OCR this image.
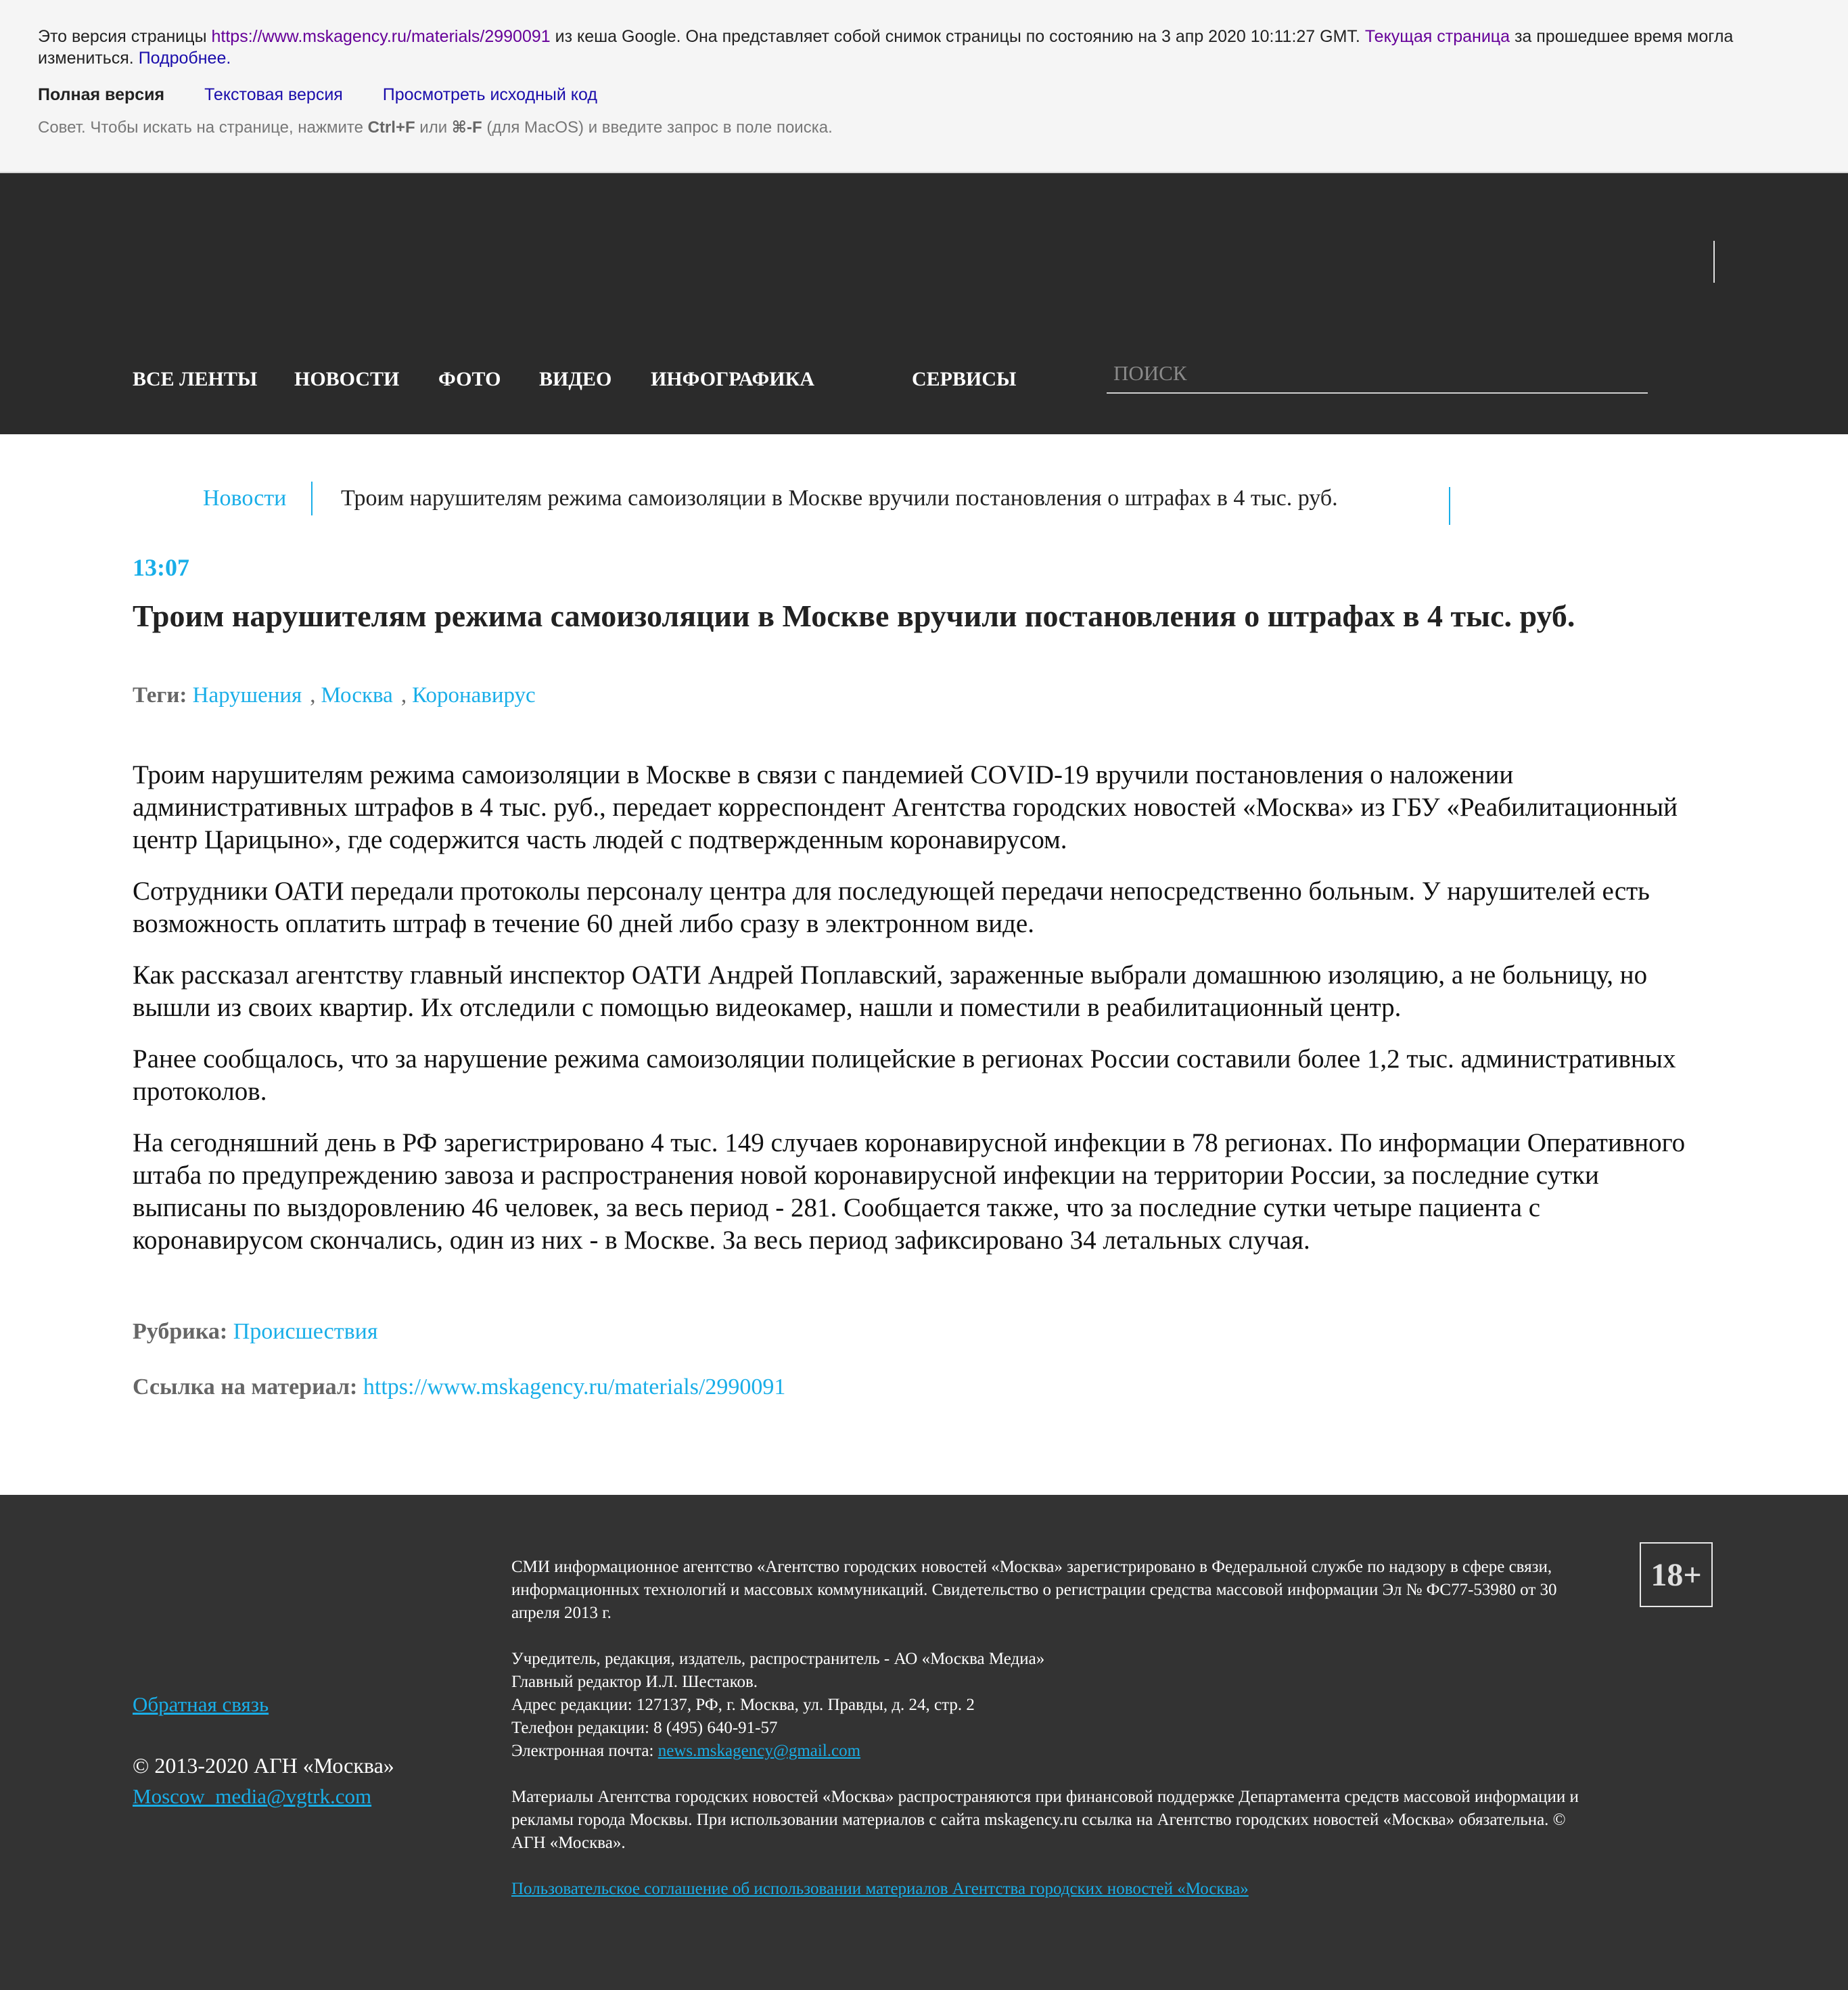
Это версия страницы https://www.mskagency.ru/materials/2990091 из кеша Google. Она представляет собой снимок страницы по состоянию на 3 апр 2020 10:11:27 GMT. Текущая страница за прошедшее время могла измениться. Подробнее.
Полная версия Текстовая версия Просмотреть исходный код
Совет. Чтобы искать на странице, нажмите Ctrl+F или ⌘-F (для MacOS) и введите запрос в поле поиска.
ВСЕ ЛЕНТЫ НОВОСТИ ФОТО ВИДЕО ИНФОГРАФИКА	СЕРВИСЫ
ПОИСК
Новости Троим нарушителям режима самоизоляции в Москве вручили постановления о штрафах в 4 тыс. руб.
13:07
Троим нарушителям режима самоизоляции в Москве вручили постановления о штрафах в 4 тыс. руб.
Теги: Нарушения , Москва , Коронавирус

Троим нарушителям режима самоизоляции в Москве в связи с пандемией COVID-19 вручили постановления о наложении административных штрафов в 4 тыс. руб., передает корреспондент Агентства городских новостей «Москва» из ГБУ «Реабилитационный центр Царицыно», где содержится часть людей с подтвержденным коронавирусом.

Сотрудники ОАТИ передали протоколы персоналу центра для последующей передачи непосредственно больным. У нарушителей есть возможность оплатить штраф в течение 60 дней либо сразу в электронном виде.

Как рассказал агентству главный инспектор ОАТИ Андрей Поплавский, зараженные выбрали домашнюю изоляцию, а не больницу, но вышли из своих квартир. Их отследили с помощью видеокамер, нашли и поместили в реабилитационный центр.

Ранее сообщалось, что за нарушение режима самоизоляции полицейские в регионах России составили более 1,2 тыс. административных протоколов.

На сегодняшний день в РФ зарегистрировано 4 тыс. 149 случаев коронавирусной инфекции в 78 регионах. По информации Оперативного штаба по предупреждению завоза и распространения новой коронавирусной инфекции на территории России, за последние сутки выписаны по выздоровлению 46 человек, за весь период - 281. Сообщается также, что за последние сутки четыре пациента с коронавирусом скончались, один из них - в Москве. За весь период зафиксировано 34 летальных случая.

Рубрика: Происшествия
Ссылка на материал: https://www.mskagency.ru/materials/2990091
Обратная связь
© 2013-2020 АГН «Москва»
Moscow_media@vgtrk.com

СМИ информационное агентство «Агентство городских новостей «Москва» зарегистрировано в Федеральной службе по надзору в сфере связи, информационных технологий и массовых коммуникаций. Свидетельство о регистрации средства массовой информации Эл № ФС77-53980 от 30 апреля 2013 г.

Учредитель, редакция, издатель, распространитель - АО «Москва Медиа»
Главный редактор И.Л. Шестаков.
Адрес редакции: 127137, РФ, г. Москва, ул. Правды, д. 24, стр. 2
Телефон редакции: 8 (495) 640-91-57
Электронная почта: news.mskagency@gmail.com

Материалы Агентства городских новостей «Москва» распространяются при финансовой поддержке Департамента средств массовой информации и рекламы города Москвы. При использовании материалов с сайта mskagency.ru ссылка на Агентство городских новостей «Москва» обязательна. © АГН «Москва».

Пользовательское соглашение об использовании материалов Агентства городских новостей «Москва»

18+
